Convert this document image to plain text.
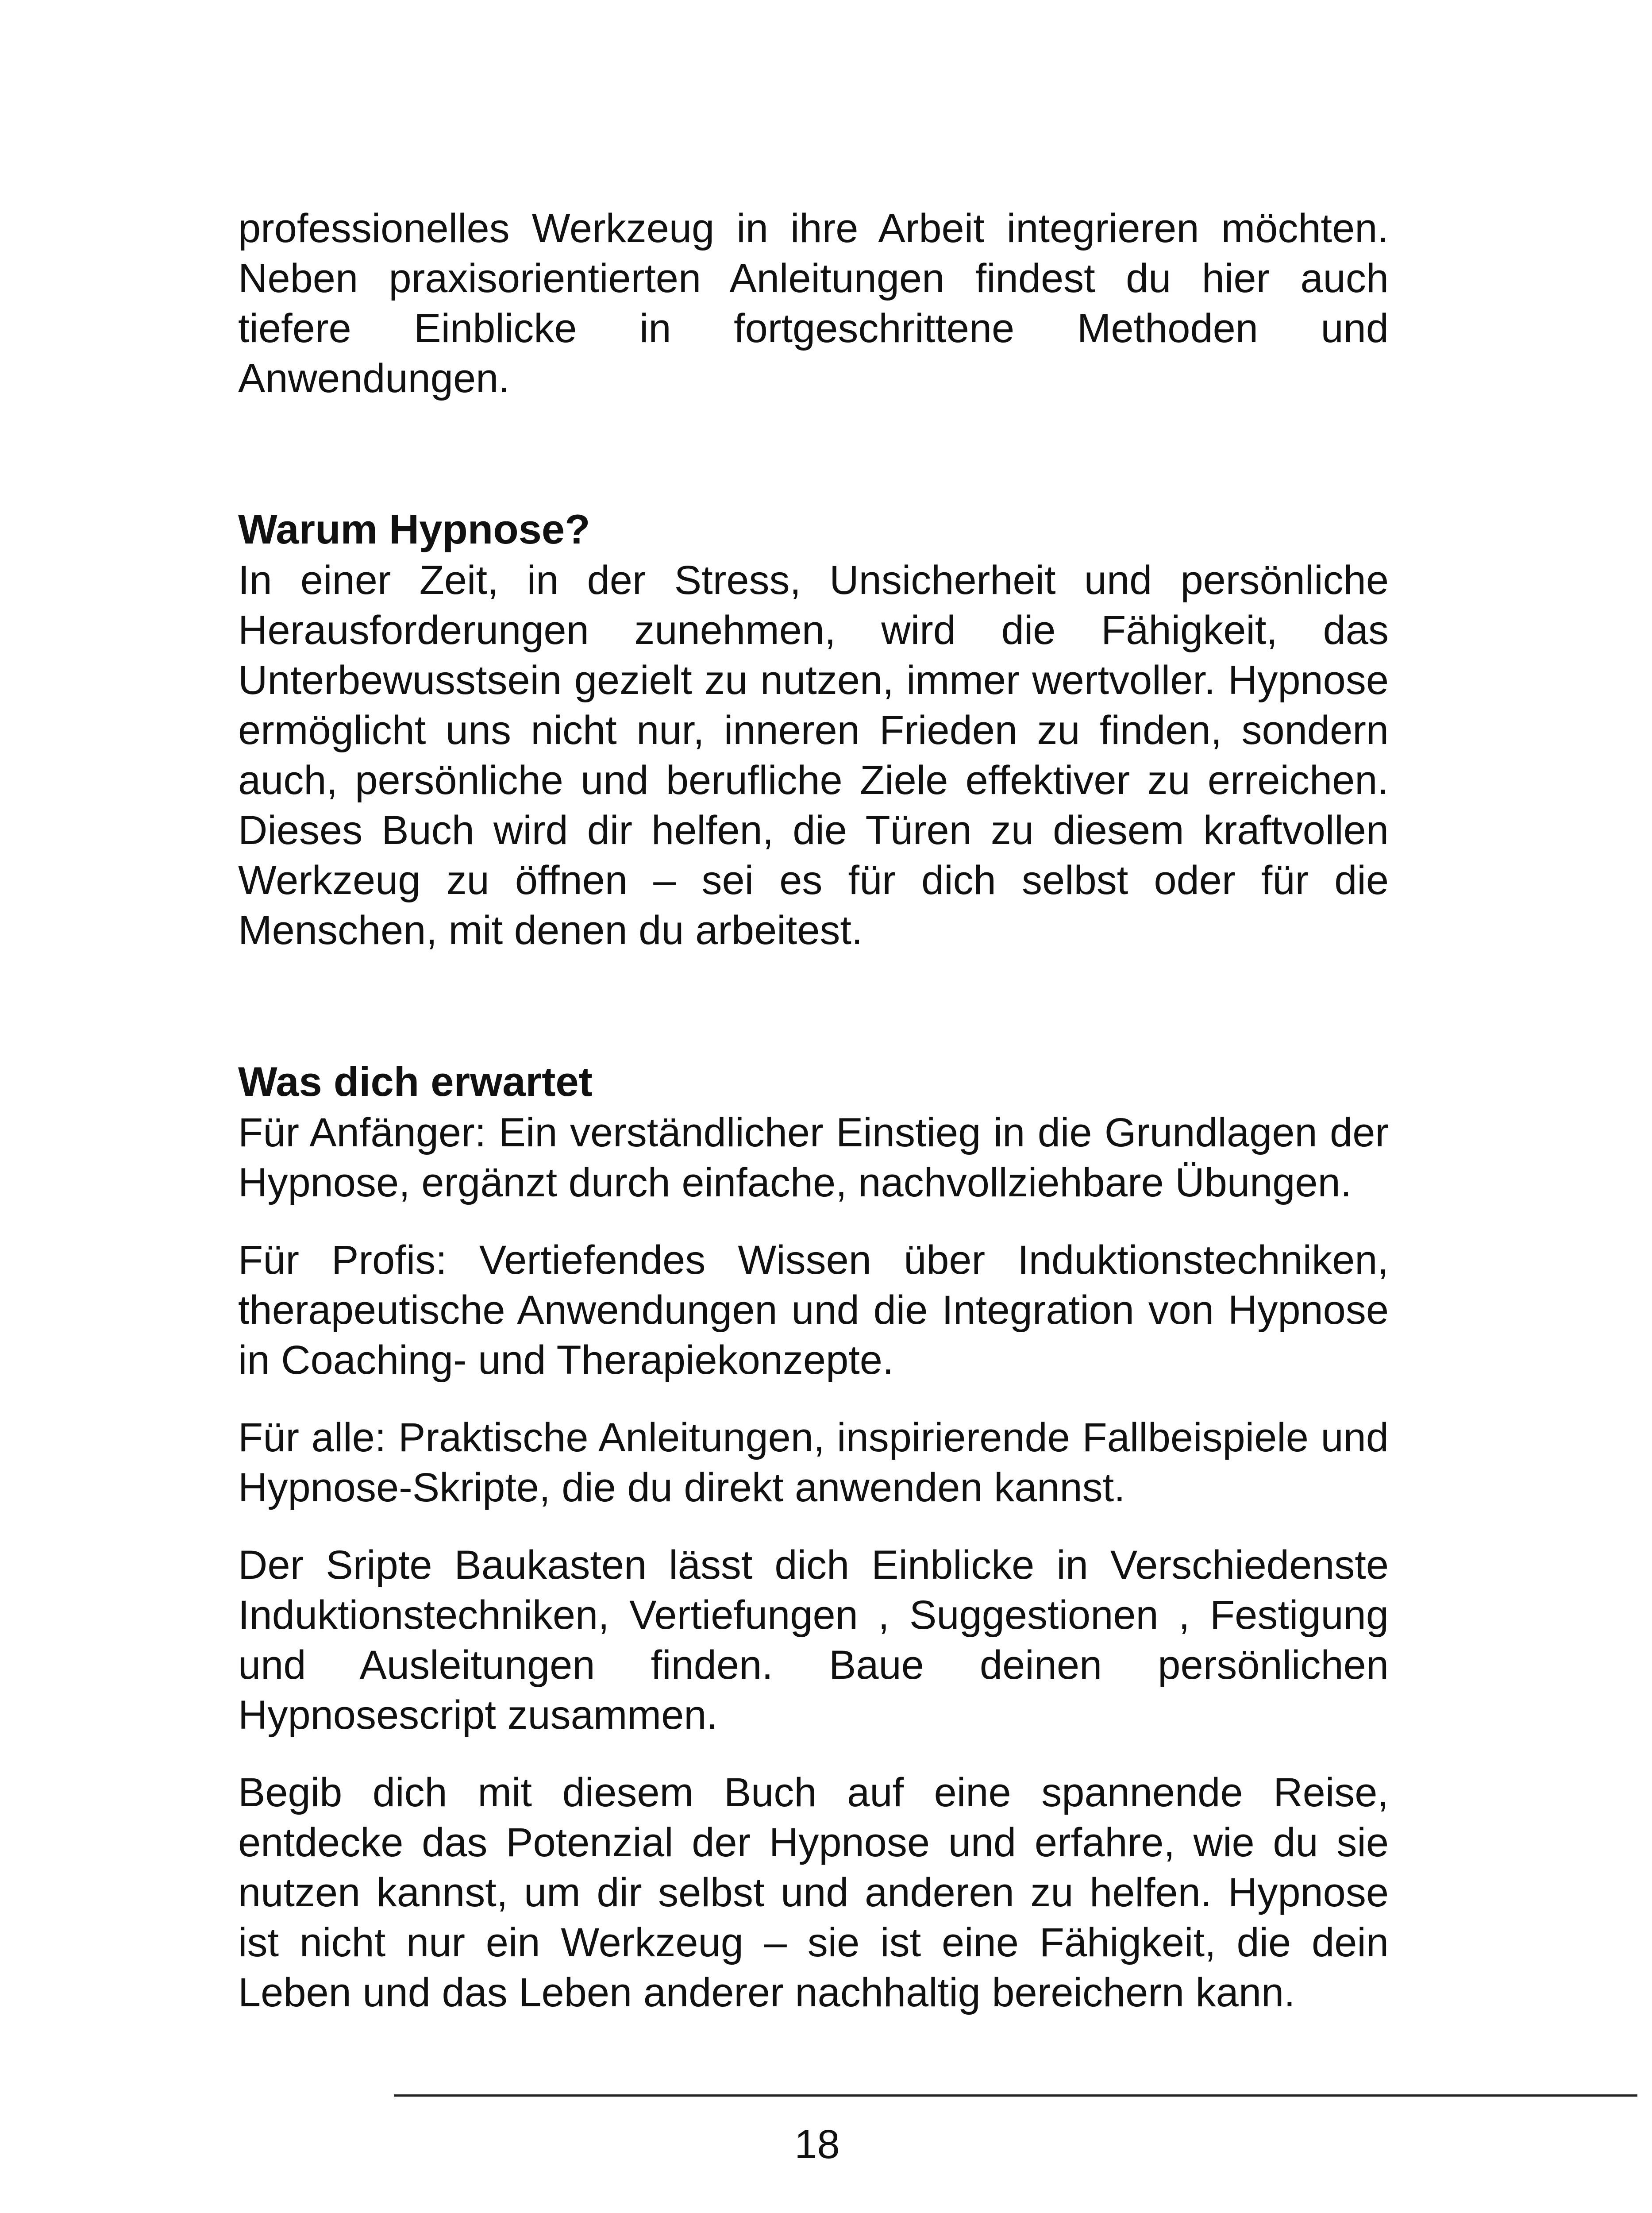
professionelles Werkzeug in ihre Arbeit integrieren möchten. Neben praxisorientierten Anleitungen findest du hier auch tiefere Einblicke in fortgeschrittene Methoden und Anwendungen.

Warum Hypnose?

In einer Zeit, in der Stress, Unsicherheit und persönliche Herausforderungen zunehmen, wird die Fähigkeit, das Unterbewusstsein gezielt zu nutzen, immer wertvoller. Hypnose ermöglicht uns nicht nur, inneren Frieden zu finden, sondern auch, persönliche und berufliche Ziele effektiver zu erreichen. Dieses Buch wird dir helfen, die Türen zu diesem kraftvollen Werkzeug zu öffnen – sei es für dich selbst oder für die Menschen, mit denen du arbeitest.

Was dich erwartet

Für Anfänger: Ein verständlicher Einstieg in die Grundlagen der Hypnose, ergänzt durch einfache, nachvollziehbare Übungen.

Für Profis: Vertiefendes Wissen über Induktionstechniken, therapeutische Anwendungen und die Integration von Hypnose in Coaching- und Therapiekonzepte.

Für alle: Praktische Anleitungen, inspirierende Fallbeispiele und Hypnose-Skripte, die du direkt anwenden kannst.

Der Sripte Baukasten lässt dich Einblicke in Verschiedenste Induktionstechniken, Vertiefungen , Suggestionen , Festigung und Ausleitungen finden. Baue deinen persönlichen Hypnosescript zusammen.

Begib dich mit diesem Buch auf eine spannende Reise, entdecke das Potenzial der Hypnose und erfahre, wie du sie nutzen kannst, um dir selbst und anderen zu helfen. Hypnose ist nicht nur ein Werkzeug – sie ist eine Fähigkeit, die dein Leben und das Leben anderer nachhaltig bereichern kann.

18
